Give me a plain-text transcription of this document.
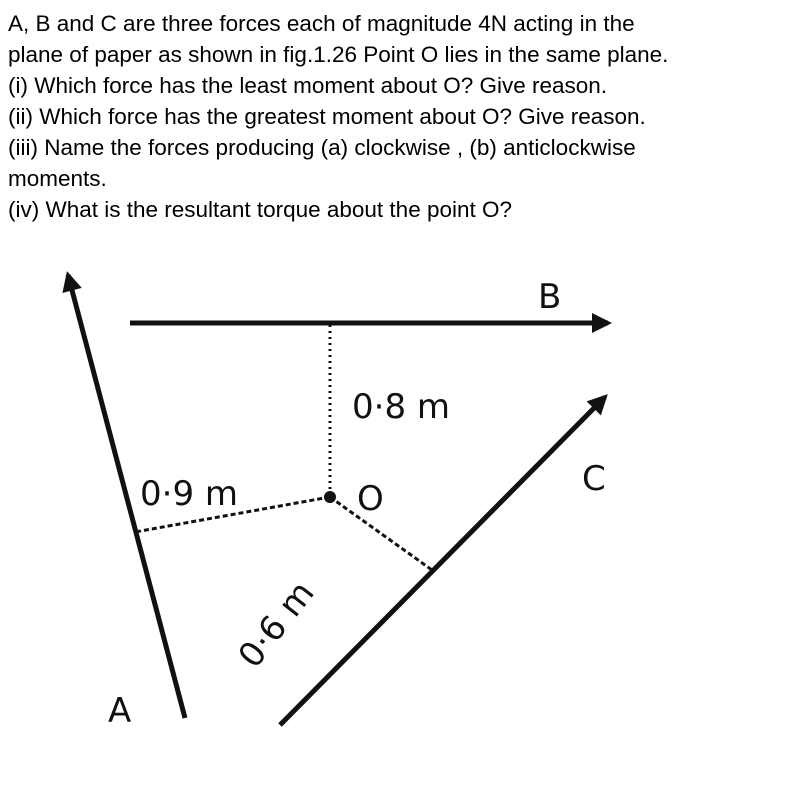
A, B and C are three forces each of magnitude 4N acting in the
plane of paper as shown in fig.1.26 Point O lies in the same plane.
(i) Which force has the least moment about O? Give reason.
(ii) Which force has the greatest moment about O? Give reason.
(iii) Name the forces producing (a) clockwise , (b) anticlockwise
moments.
(iv) What is the resultant torque about the point O?
B
0·8 m
0·9 m	O	C
0·6 m
A
